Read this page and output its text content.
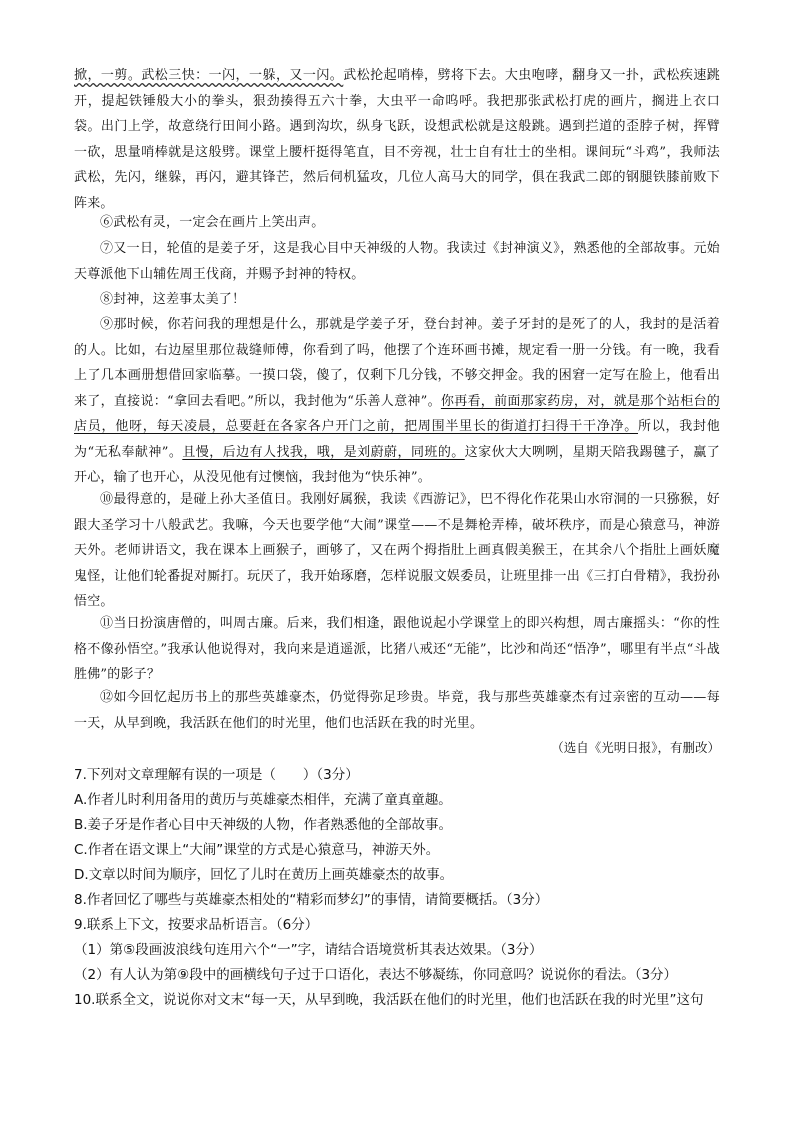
掀，一剪。武松三快：一闪，一躲，又一闪。武松抡起哨棒，劈将下去。大虫咆哮，翻身又一扑，武松疾速跳开，提起铁锤般大小的拳头，狠劲揍得五六十拳，大虫平一命呜呼。我把那张武松打虎的画片，搁进上衣口袋。出门上学，故意绕行田间小路。遇到沟坎，纵身飞跃，设想武松就是这般跳。遇到拦道的歪脖子树，挥臂一砍，思量哨棒就是这般劈。课堂上腰杆挺得笔直，目不旁视，壮士自有壮士的坐相。课间玩“斗鸡”，我师法武松，先闪，继躲，再闪，避其锋芒，然后伺机猛攻，几位人高马大的同学，俱在我武二郎的钢腿铁膝前败下阵来。
⑥武松有灵，一定会在画片上笑出声。
⑦又一日，轮值的是姜子牙，这是我心目中天神级的人物。我读过《封神演义》，熟悉他的全部故事。元始天尊派他下山辅佐周王伐商，并赐予封神的特权。
⑧封神，这差事太美了！
⑨那时候，你若问我的理想是什么，那就是学姜子牙，登台封神。姜子牙封的是死了的人，我封的是活着的人。比如，右边屋里那位裁缝师傅，你看到了吗，他摆了个连环画书摊，规定看一册一分钱。有一晚，我看上了几本画册想借回家临摹。一摸口袋，傻了，仅剩下几分钱，不够交押金。我的困窘一定写在脸上，他看出来了，直接说：“拿回去看吧。”所以，我封他为“乐善人意神”。你再看，前面那家药房，对，就是那个站柜台的店员，他呀，每天凌晨，总要赶在各家各户开门之前，把周围半里长的街道打扫得干干净净。所以，我封他为“无私奉献神”。且慢，后边有人找我，哦，是刘蔚蔚，同班的。这家伙大大咧咧，星期天陪我踢毽子，赢了开心，输了也开心，从没见他有过懊恼，我封他为“快乐神”。
⑩最得意的，是碰上孙大圣值日。我刚好属猴，我读《西游记》，巴不得化作花果山水帘洞的一只猕猴，好跟大圣学习十八般武艺。我嘛，今天也要学他“大闹”课堂——不是舞枪弄棒，破坏秩序，而是心猿意马，神游天外。老师讲语文，我在课本上画猴子，画够了，又在两个拇指肚上画真假美猴王，在其余八个指肚上画妖魔鬼怪，让他们轮番捉对厮打。玩厌了，我开始琢磨，怎样说服文娱委员，让班里排一出《三打白骨精》，我扮孙悟空。
⑪当日扮演唐僧的，叫周古廉。后来，我们相逢，跟他说起小学课堂上的即兴构想，周古廉摇头：“你的性格不像孙悟空。”我承认他说得对，我向来是逍遥派，比猪八戒还“无能”，比沙和尚还“悟净”，哪里有半点“斗战胜佛”的影子？
⑫如今回忆起历书上的那些英雄豪杰，仍觉得弥足珍贵。毕竟，我与那些英雄豪杰有过亲密的互动——每一天，从早到晚，我活跃在他们的时光里，他们也活跃在我的时光里。
（选自《光明日报》，有删改）
7.下列对文章理解有误的一项是（　　）（3分）
A.作者儿时利用备用的黄历与英雄豪杰相伴，充满了童真童趣。
B.姜子牙是作者心目中天神级的人物，作者熟悉他的全部故事。
C.作者在语文课上“大闹”课堂的方式是心猿意马，神游天外。
D.文章以时间为顺序，回忆了儿时在黄历上画英雄豪杰的故事。
8.作者回忆了哪些与英雄豪杰相处的“精彩而梦幻”的事情，请简要概括。（3分）
9.联系上下文，按要求品析语言。（6分）
（1）第⑤段画波浪线句连用六个“一”字，请结合语境赏析其表达效果。（3分）
（2）有人认为第⑨段中的画横线句子过于口语化，表达不够凝练，你同意吗？说说你的看法。（3分）
10.联系全文，说说你对文末“每一天，从早到晚，我活跃在他们的时光里，他们也活跃在我的时光里”这句
